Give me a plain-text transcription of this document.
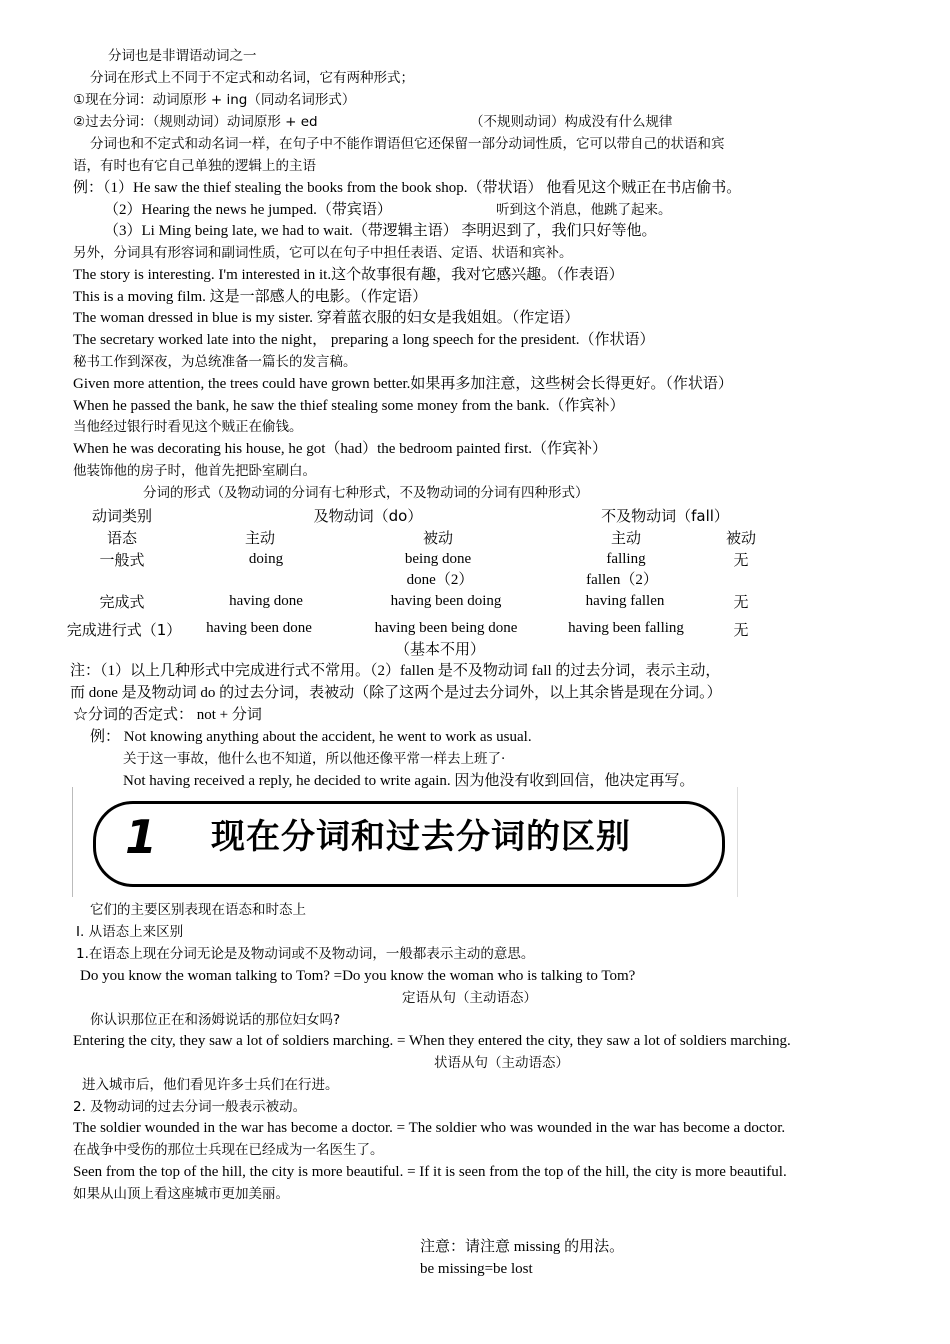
分词也是非谓语动词之一
分词在形式上不同于不定式和动名词，它有两种形式；
①现在分词：动词原形 + ing（同动名词形式）
②过去分词：（规则动词）动词原形 + ed	（不规则动词）构成没有什么规律
分词也和不定式和动名词一样，在句子中不能作谓语但它还保留一部分动词性质，它可以带自己的状语和宾
语，有时也有它自己单独的逻辑上的主语
例：（1）He saw the thief stealing the books from the book shop.（带状语） 他看见这个贼正在书店偷书。
（2）Hearing the news he jumped.（带宾语）	听到这个消息，他跳了起来。
（3）Li Ming being late, we had to wait.（带逻辑主语） 李明迟到了，我们只好等他。
另外，分词具有形容词和副词性质，它可以在句子中担任表语、定语、状语和宾补。
The story is interesting. I'm interested in it.这个故事很有趣，我对它感兴趣。（作表语）
This is a moving film. 这是一部感人的电影。（作定语）
The woman dressed in blue is my sister. 穿着蓝衣服的妇女是我姐姐。（作定语）
The secretary worked late into the night， preparing a long speech for the president.（作状语）
秘书工作到深夜，为总统准备一篇长的发言稿。
Given more attention, the trees could have grown better.如果再多加注意，这些树会长得更好。（作状语）
When he passed the bank, he saw the thief stealing some money from the bank.（作宾补）
当他经过银行时看见这个贼正在偷钱。
When he was decorating his house, he got（had）the bedroom painted first.（作宾补）
他装饰他的房子时，他首先把卧室刷白。
分词的形式（及物动词的分词有七种形式，不及物动词的分词有四种形式）
动词类别	及物动词（do）	不及物动词（fall）
语态	主动	被动	主动	被动
一般式	doing	being done	falling	无
done（2）	fallen（2）
完成式	having done	having been doing	having fallen	无
完成进行式（1） having been done	having been being done	having been falling	无
（基本不用）
注：（1）以上几种形式中完成进行式不常用。（2）fallen 是不及物动词 fall 的过去分词，表示主动，
而 done 是及物动词 do 的过去分词，表被动（除了这两个是过去分词外，以上其余皆是现在分词。）
☆分词的否定式： not + 分词
例： Not knowing anything about the accident, he went to work as usual.
关于这一事故，他什么也不知道，所以他还像平常一样去上班了·
Not having received a reply, he decided to write again. 因为他没有收到回信，他决定再写。
1 现在分词和过去分词的区别
它们的主要区别表现在语态和时态上
Ⅰ. 从语态上来区别
1.在语态上现在分词无论是及物动词或不及物动词，一般都表示主动的意思。
Do you know the woman talking to Tom? =Do you know the woman who is talking to Tom?
定语从句（主动语态）
你认识那位正在和汤姆说话的那位妇女吗?
Entering the city, they saw a lot of soldiers marching. = When they entered the city, they saw a lot of soldiers marching.
状语从句（主动语态）
进入城市后，他们看见许多士兵们在行进。
2. 及物动词的过去分词一般表示被动。
The soldier wounded in the war has become a doctor. = The soldier who was wounded in the war has become a doctor.
在战争中受伤的那位士兵现在已经成为一名医生了。
Seen from the top of the hill, the city is more beautiful. = If it is seen from the top of the hill, the city is more beautiful.
如果从山顶上看这座城市更加美丽。
注意：请注意 missing 的用法。
be missing=be lost
